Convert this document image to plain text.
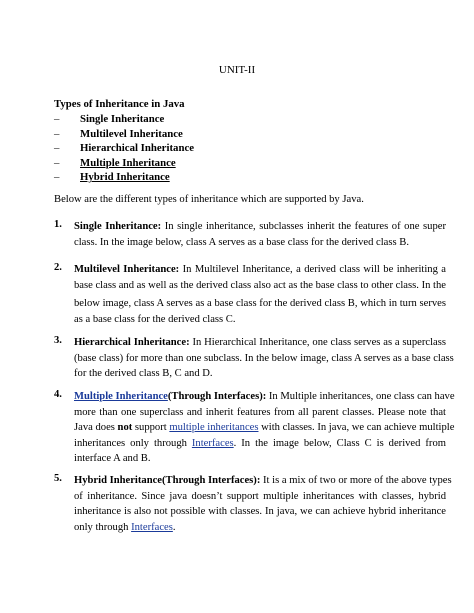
UNIT-II
Types of Inheritance in Java
– Single Inheritance
– Multilevel Inheritance
– Hierarchical Inheritance
– Multiple Inheritance
– Hybrid Inheritance
Below are the different types of inheritance which are supported by Java.
1. Single Inheritance: In single inheritance, subclasses inherit the features of one super
class. In the image below, class A serves as a base class for the derived class B.
2. Multilevel Inheritance: In Multilevel Inheritance, a derived class will be inheriting a
base class and as well as the derived class also act as the base class to other class. In the
below image, class A serves as a base class for the derived class B, which in turn serves
as a base class for the derived class C.
3. Hierarchical Inheritance: In Hierarchical Inheritance, one class serves as a superclass
(base class) for more than one subclass. In the below image, class A serves as a base class
for the derived class B, C and D.
4. Multiple Inheritance(Through Interfaces): In Multiple inheritances, one class can have
more than one superclass and inherit features from all parent classes. Please note that
Java does not support multiple inheritances with classes. In java, we can achieve multiple
inheritances only through Interfaces. In the image below, Class C is derived from
interface A and B.
5. Hybrid Inheritance(Through Interfaces): It is a mix of two or more of the above types
of inheritance. Since java doesn’t support multiple inheritances with classes, hybrid
inheritance is also not possible with classes. In java, we can achieve hybrid inheritance
only through Interfaces.
